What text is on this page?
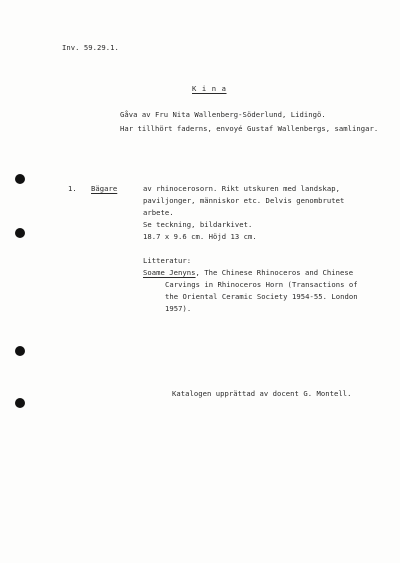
Inv. 59.29.1.
K i n a
Gåva av Fru Nita Wallenberg-Söderlund, Lidingö.
Har tillhört faderns, envoyé Gustaf Wallenbergs, samlingar.
1. Bägare	av rhinocerosorn. Rikt utskuren med landskap,
paviljonger, människor etc. Delvis genombrutet
arbete.
Se teckning, bildarkivet.
18.7 x 9.6 cm. Höjd 13 cm.
Litteratur:
Soame Jenyns, The Chinese Rhinoceros and Chinese
Carvings in Rhinoceros Horn (Transactions of
the Oriental Ceramic Society 1954-55. London
1957).
Katalogen upprättad av docent G. Montell.
